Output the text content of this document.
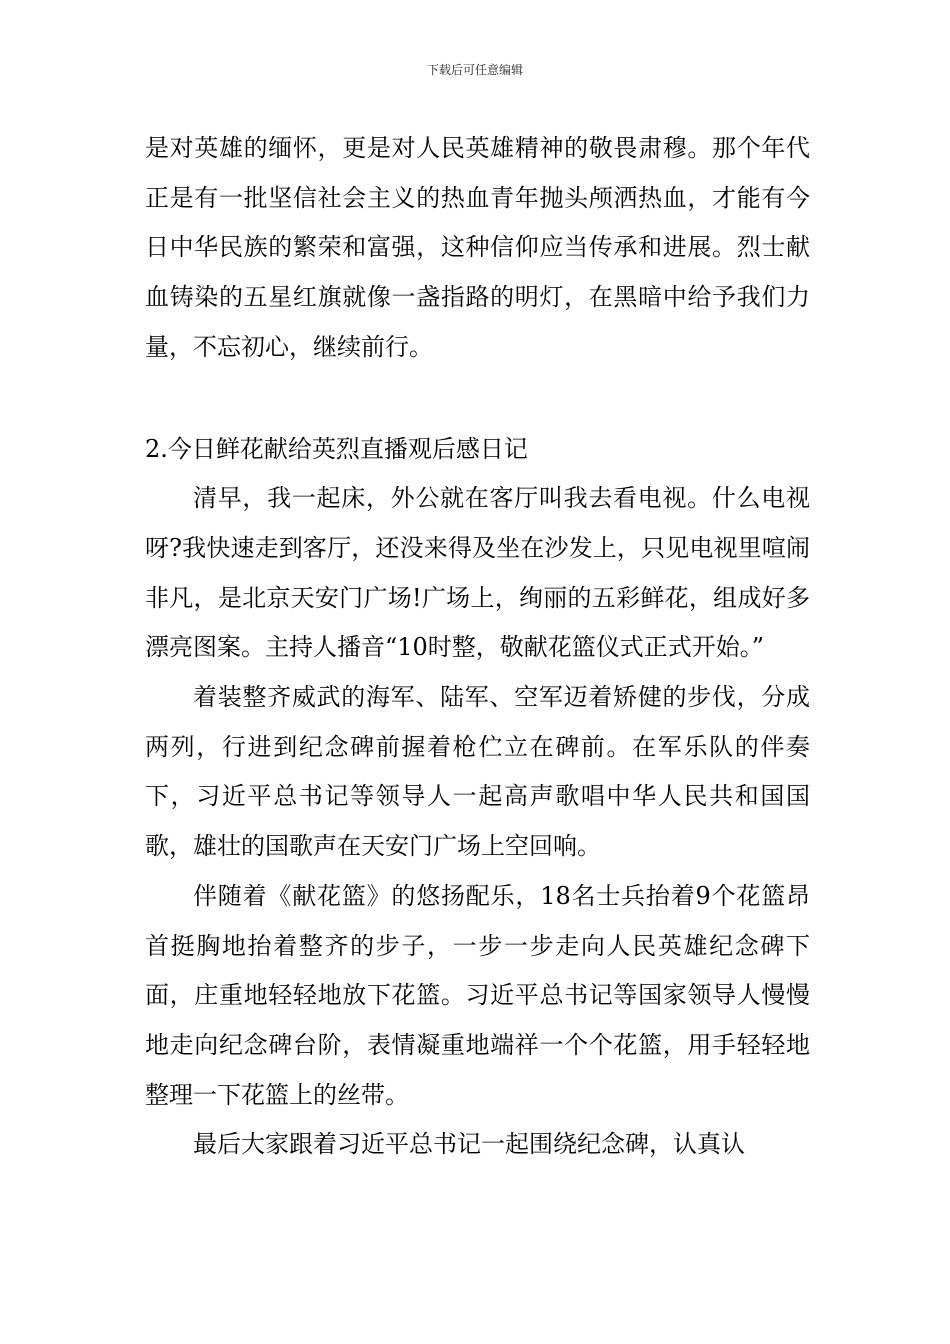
下载后可任意编辑

是对英雄的缅怀，更是对人民英雄精神的敬畏肃穆。那个年代正是有一批坚信社会主义的热血青年抛头颅洒热血，才能有今日中华民族的繁荣和富强，这种信仰应当传承和进展。烈士献血铸染的五星红旗就像一盏指路的明灯，在黑暗中给予我们力量，不忘初心，继续前行。

2.今日鲜花献给英烈直播观后感日记

清早，我一起床，外公就在客厅叫我去看电视。什么电视呀?我快速走到客厅，还没来得及坐在沙发上，只见电视里喧闹非凡，是北京天安门广场!广场上，绚丽的五彩鲜花，组成好多漂亮图案。主持人播音“10时整，敬献花篮仪式正式开始。”

着装整齐威武的海军、陆军、空军迈着矫健的步伐，分成两列，行进到纪念碑前握着枪伫立在碑前。在军乐队的伴奏下，习近平总书记等领导人一起高声歌唱中华人民共和国国歌，雄壮的国歌声在天安门广场上空回响。

伴随着《献花篮》的悠扬配乐，18名士兵抬着9个花篮昂首挺胸地抬着整齐的步子，一步一步走向人民英雄纪念碑下面，庄重地轻轻地放下花篮。习近平总书记等国家领导人慢慢地走向纪念碑台阶，表情凝重地端祥一个个花篮，用手轻轻地整理一下花篮上的丝带。

最后大家跟着习近平总书记一起围绕纪念碑，认真认
